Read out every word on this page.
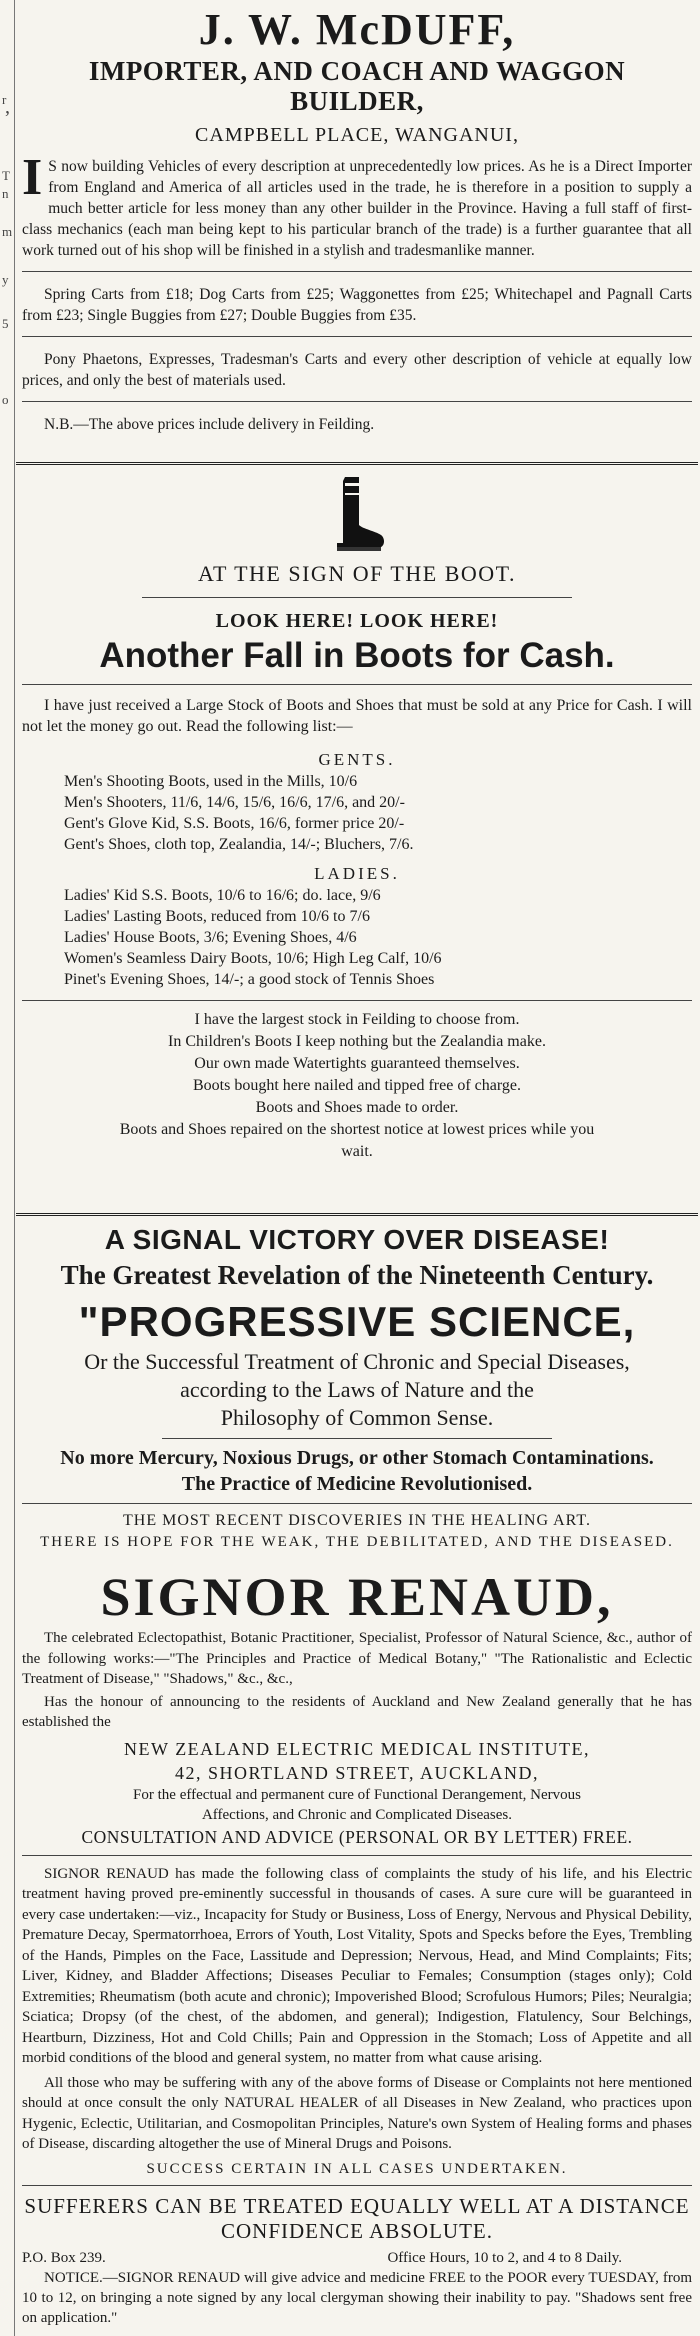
r
T
n
m
y
5
o
,

J. W. McDUFF,

IMPORTER, AND COACH AND WAGGON

BUILDER,

CAMPBELL PLACE, WANGANUI,

I S now building Vehicles of every description at unprecedentedly low prices. As he is a Direct Importer from England and America of all articles used in the trade, he is therefore in a position to supply a much better article for less money than any other builder in the Province. Having a full staff of first-class mechanics (each man being kept to his particular branch of the trade) is a further guarantee that all work turned out of his shop will be finished in a stylish and tradesmanlike manner.

Spring Carts from £18; Dog Carts from £25; Waggonettes from £25; Whitechapel and Pagnall Carts from £23; Single Buggies from £27; Double Buggies from £35.

Pony Phaetons, Expresses, Tradesman's Carts and every other description of vehicle at equally low prices, and only the best of materials used.

N.B.—The above prices include delivery in Feilding.

AT THE SIGN OF THE BOOT.

LOOK HERE! LOOK HERE!

Another Fall in Boots for Cash.

I have just received a Large Stock of Boots and Shoes that must be sold at any Price for Cash. I will not let the money go out. Read the following list:—

GENTS.

Men's Shooting Boots, used in the Mills, 10/6

Men's Shooters, 11/6, 14/6, 15/6, 16/6, 17/6, and 20/-

Gent's Glove Kid, S.S. Boots, 16/6, former price 20/-

Gent's Shoes, cloth top, Zealandia, 14/-; Bluchers, 7/6.

LADIES.

Ladies' Kid S.S. Boots, 10/6 to 16/6; do. lace, 9/6

Ladies' Lasting Boots, reduced from 10/6 to 7/6

Ladies' House Boots, 3/6; Evening Shoes, 4/6

Women's Seamless Dairy Boots, 10/6; High Leg Calf, 10/6

Pinet's Evening Shoes, 14/-; a good stock of Tennis Shoes

I have the largest stock in Feilding to choose from.

In Children's Boots I keep nothing but the Zealandia make.

Our own made Watertights guaranteed themselves.

Boots bought here nailed and tipped free of charge.

Boots and Shoes made to order.

Boots and Shoes repaired on the shortest notice at lowest prices while you

wait.

A SIGNAL VICTORY OVER DISEASE!

The Greatest Revelation of the Nineteenth Century.

"PROGRESSIVE SCIENCE,

Or the Successful Treatment of Chronic and Special Diseases,

according to the Laws of Nature and the

Philosophy of Common Sense.

No more Mercury, Noxious Drugs, or other Stomach Contaminations.

The Practice of Medicine Revolutionised.

THE MOST RECENT DISCOVERIES IN THE HEALING ART.

THERE IS HOPE FOR THE WEAK, THE DEBILITATED, AND THE DISEASED.

SIGNOR RENAUD,

The celebrated Eclectopathist, Botanic Practitioner, Specialist, Professor of Natural Science, &c., author of the following works:—"The Principles and Practice of Medical Botany," "The Rationalistic and Eclectic Treatment of Disease," "Shadows," &c., &c.,

Has the honour of announcing to the residents of Auckland and New Zealand generally that he has established the

NEW ZEALAND ELECTRIC MEDICAL INSTITUTE,

42, SHORTLAND STREET, AUCKLAND,

For the effectual and permanent cure of Functional Derangement, Nervous

Affections, and Chronic and Complicated Diseases.

CONSULTATION AND ADVICE (PERSONAL OR BY LETTER) FREE.

SIGNOR RENAUD has made the following class of complaints the study of his life, and his Electric treatment having proved pre-eminently successful in thousands of cases. A sure cure will be guaranteed in every case undertaken:—viz., Incapacity for Study or Business, Loss of Energy, Nervous and Physical Debility, Premature Decay, Spermatorrhoea, Errors of Youth, Lost Vitality, Spots and Specks before the Eyes, Trembling of the Hands, Pimples on the Face, Lassitude and Depression; Nervous, Head, and Mind Complaints; Fits; Liver, Kidney, and Bladder Affections; Diseases Peculiar to Females; Consumption (stages only); Cold Extremities; Rheumatism (both acute and chronic); Impoverished Blood; Scrofulous Humors; Piles; Neuralgia; Sciatica; Dropsy (of the chest, of the abdomen, and general); Indigestion, Flatulency, Sour Belchings, Heartburn, Dizziness, Hot and Cold Chills; Pain and Oppression in the Stomach; Loss of Appetite and all morbid conditions of the blood and general system, no matter from what cause arising.

All those who may be suffering with any of the above forms of Disease or Complaints not here mentioned should at once consult the only NATURAL HEALER of all Diseases in New Zealand, who practices upon Hygenic, Eclectic, Utilitarian, and Cosmopolitan Principles, Nature's own System of Healing forms and phases of Disease, discarding altogether the use of Mineral Drugs and Poisons.

SUCCESS CERTAIN IN ALL CASES UNDERTAKEN.

SUFFERERS CAN BE TREATED EQUALLY WELL AT A DISTANCE

CONFIDENCE ABSOLUTE.

P.O. Box 239.	Office Hours, 10 to 2, and 4 to 8 Daily.

NOTICE.—SIGNOR RENAUD will give advice and medicine FREE to the POOR every TUESDAY, from 10 to 12, on bringing a note signed by any local clergyman showing their inability to pay. "Shadows sent free on application."
